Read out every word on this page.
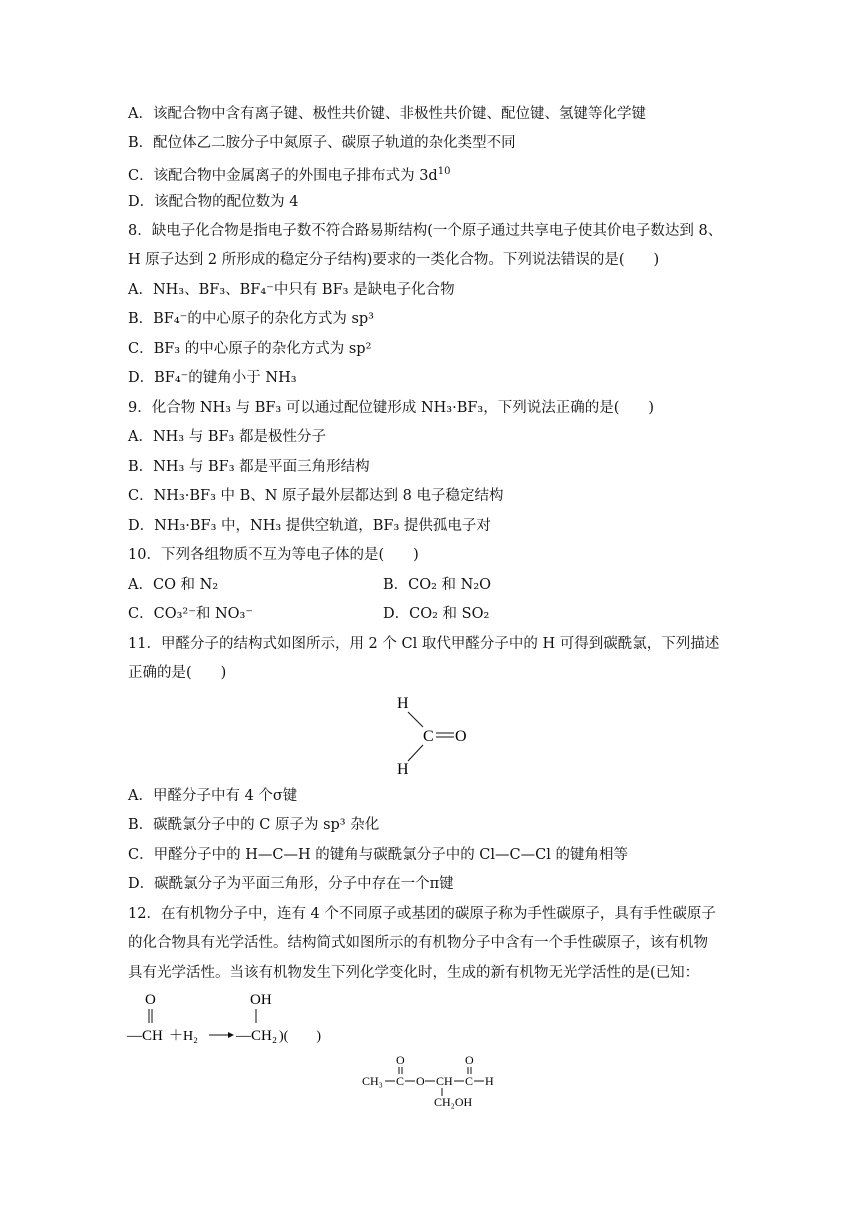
A．该配合物中含有离子键、极性共价键、非极性共价键、配位键、氢键等化学键
B．配位体乙二胺分子中氮原子、碳原子轨道的杂化类型不同
C．该配合物中金属离子的外围电子排布式为 $3d^{10}$
D．该配合物的配位数为 4
8．缺电子化合物是指电子数不符合路易斯结构(一个原子通过共享电子使其价电子数达到 8、
H 原子达到 2 所形成的稳定分子结构)要求的一类化合物。下列说法错误的是(　　)
A．NH₃、BF₃、BF₄⁻中只有 BF₃ 是缺电子化合物
B．BF₄⁻的中心原子的杂化方式为 sp³
C．BF₃ 的中心原子的杂化方式为 sp²
D．BF₄⁻的键角小于 NH₃
9．化合物 NH₃ 与 BF₃ 可以通过配位键形成 NH₃·BF₃，下列说法正确的是(　　)
A．NH₃ 与 BF₃ 都是极性分子
B．NH₃ 与 BF₃ 都是平面三角形结构
C．NH₃·BF₃ 中 B、N 原子最外层都达到 8 电子稳定结构
D．NH₃·BF₃ 中，NH₃ 提供空轨道，BF₃ 提供孤电子对
10．下列各组物质不互为等电子体的是(　　)
A．CO 和 N₂	B．CO₂ 和 N₂O
C．CO₃²⁻和 NO₃⁻	D．CO₂ 和 SO₂
11．甲醛分子的结构式如图所示，用 2 个 Cl 取代甲醛分子中的 H 可得到碳酰氯，下列描述
正确的是(　　)
H
C O
H
A．甲醛分子中有 4 个σ键
B．碳酰氯分子中的 C 原子为 sp³ 杂化
C．甲醛分子中的 H—C—H 的键角与碳酰氯分子中的 Cl—C—Cl 的键角相等
D．碳酰氯分子为平面三角形，分子中存在一个π键
12．在有机物分子中，连有 4 个不同原子或基团的碳原子称为手性碳原子，具有手性碳原子
的化合物具有光学活性。结构简式如图所示的有机物分子中含有一个手性碳原子，该有机物
具有光学活性。当该有机物发生下列化学变化时，生成的新有机物无光学活性的是(已知：
O
—CH ＋H₂
OH
—CH₂ )(　　)
CH₃ C
O
O CH
CH₂OH
C
O
H
